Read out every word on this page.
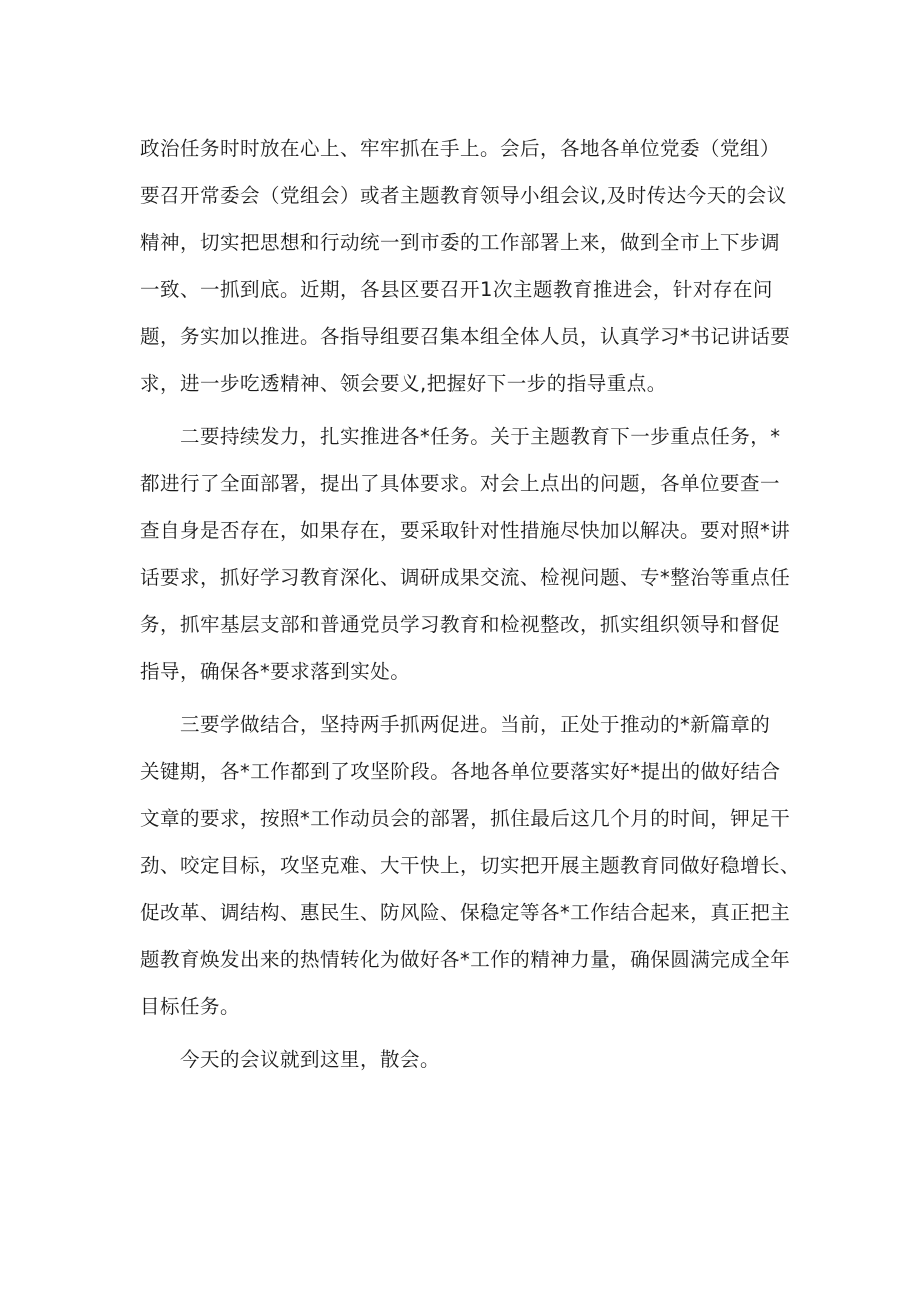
政治任务时时放在心上、牢牢抓在手上。会后，各地各单位党委（党组）
要召开常委会（党组会）或者主题教育领导小组会议,及时传达今天的会议
精神，切实把思想和行动统一到市委的工作部署上来，做到全市上下步调
一致、一抓到底。近期，各县区要召开1次主题教育推进会，针对存在问
题，务实加以推进。各指导组要召集本组全体人员，认真学习*书记讲话要
求，进一步吃透精神、领会要义,把握好下一步的指导重点。
二要持续发力，扎实推进各*任务。关于主题教育下一步重点任务，*
都进行了全面部署，提出了具体要求。对会上点出的问题，各单位要查一
查自身是否存在，如果存在，要采取针对性措施尽快加以解决。要对照*讲
话要求，抓好学习教育深化、调研成果交流、检视问题、专*整治等重点任
务，抓牢基层支部和普通党员学习教育和检视整改，抓实组织领导和督促
指导，确保各*要求落到实处。
三要学做结合，坚持两手抓两促进。当前，正处于推动的*新篇章的
关键期，各*工作都到了攻坚阶段。各地各单位要落实好*提出的做好结合
文章的要求，按照*工作动员会的部署，抓住最后这几个月的时间，钾足干
劲、咬定目标，攻坚克难、大干快上，切实把开展主题教育同做好稳增长、
促改革、调结构、惠民生、防风险、保稳定等各*工作结合起来，真正把主
题教育焕发出来的热情转化为做好各*工作的精神力量，确保圆满完成全年
目标任务。
今天的会议就到这里，散会。
